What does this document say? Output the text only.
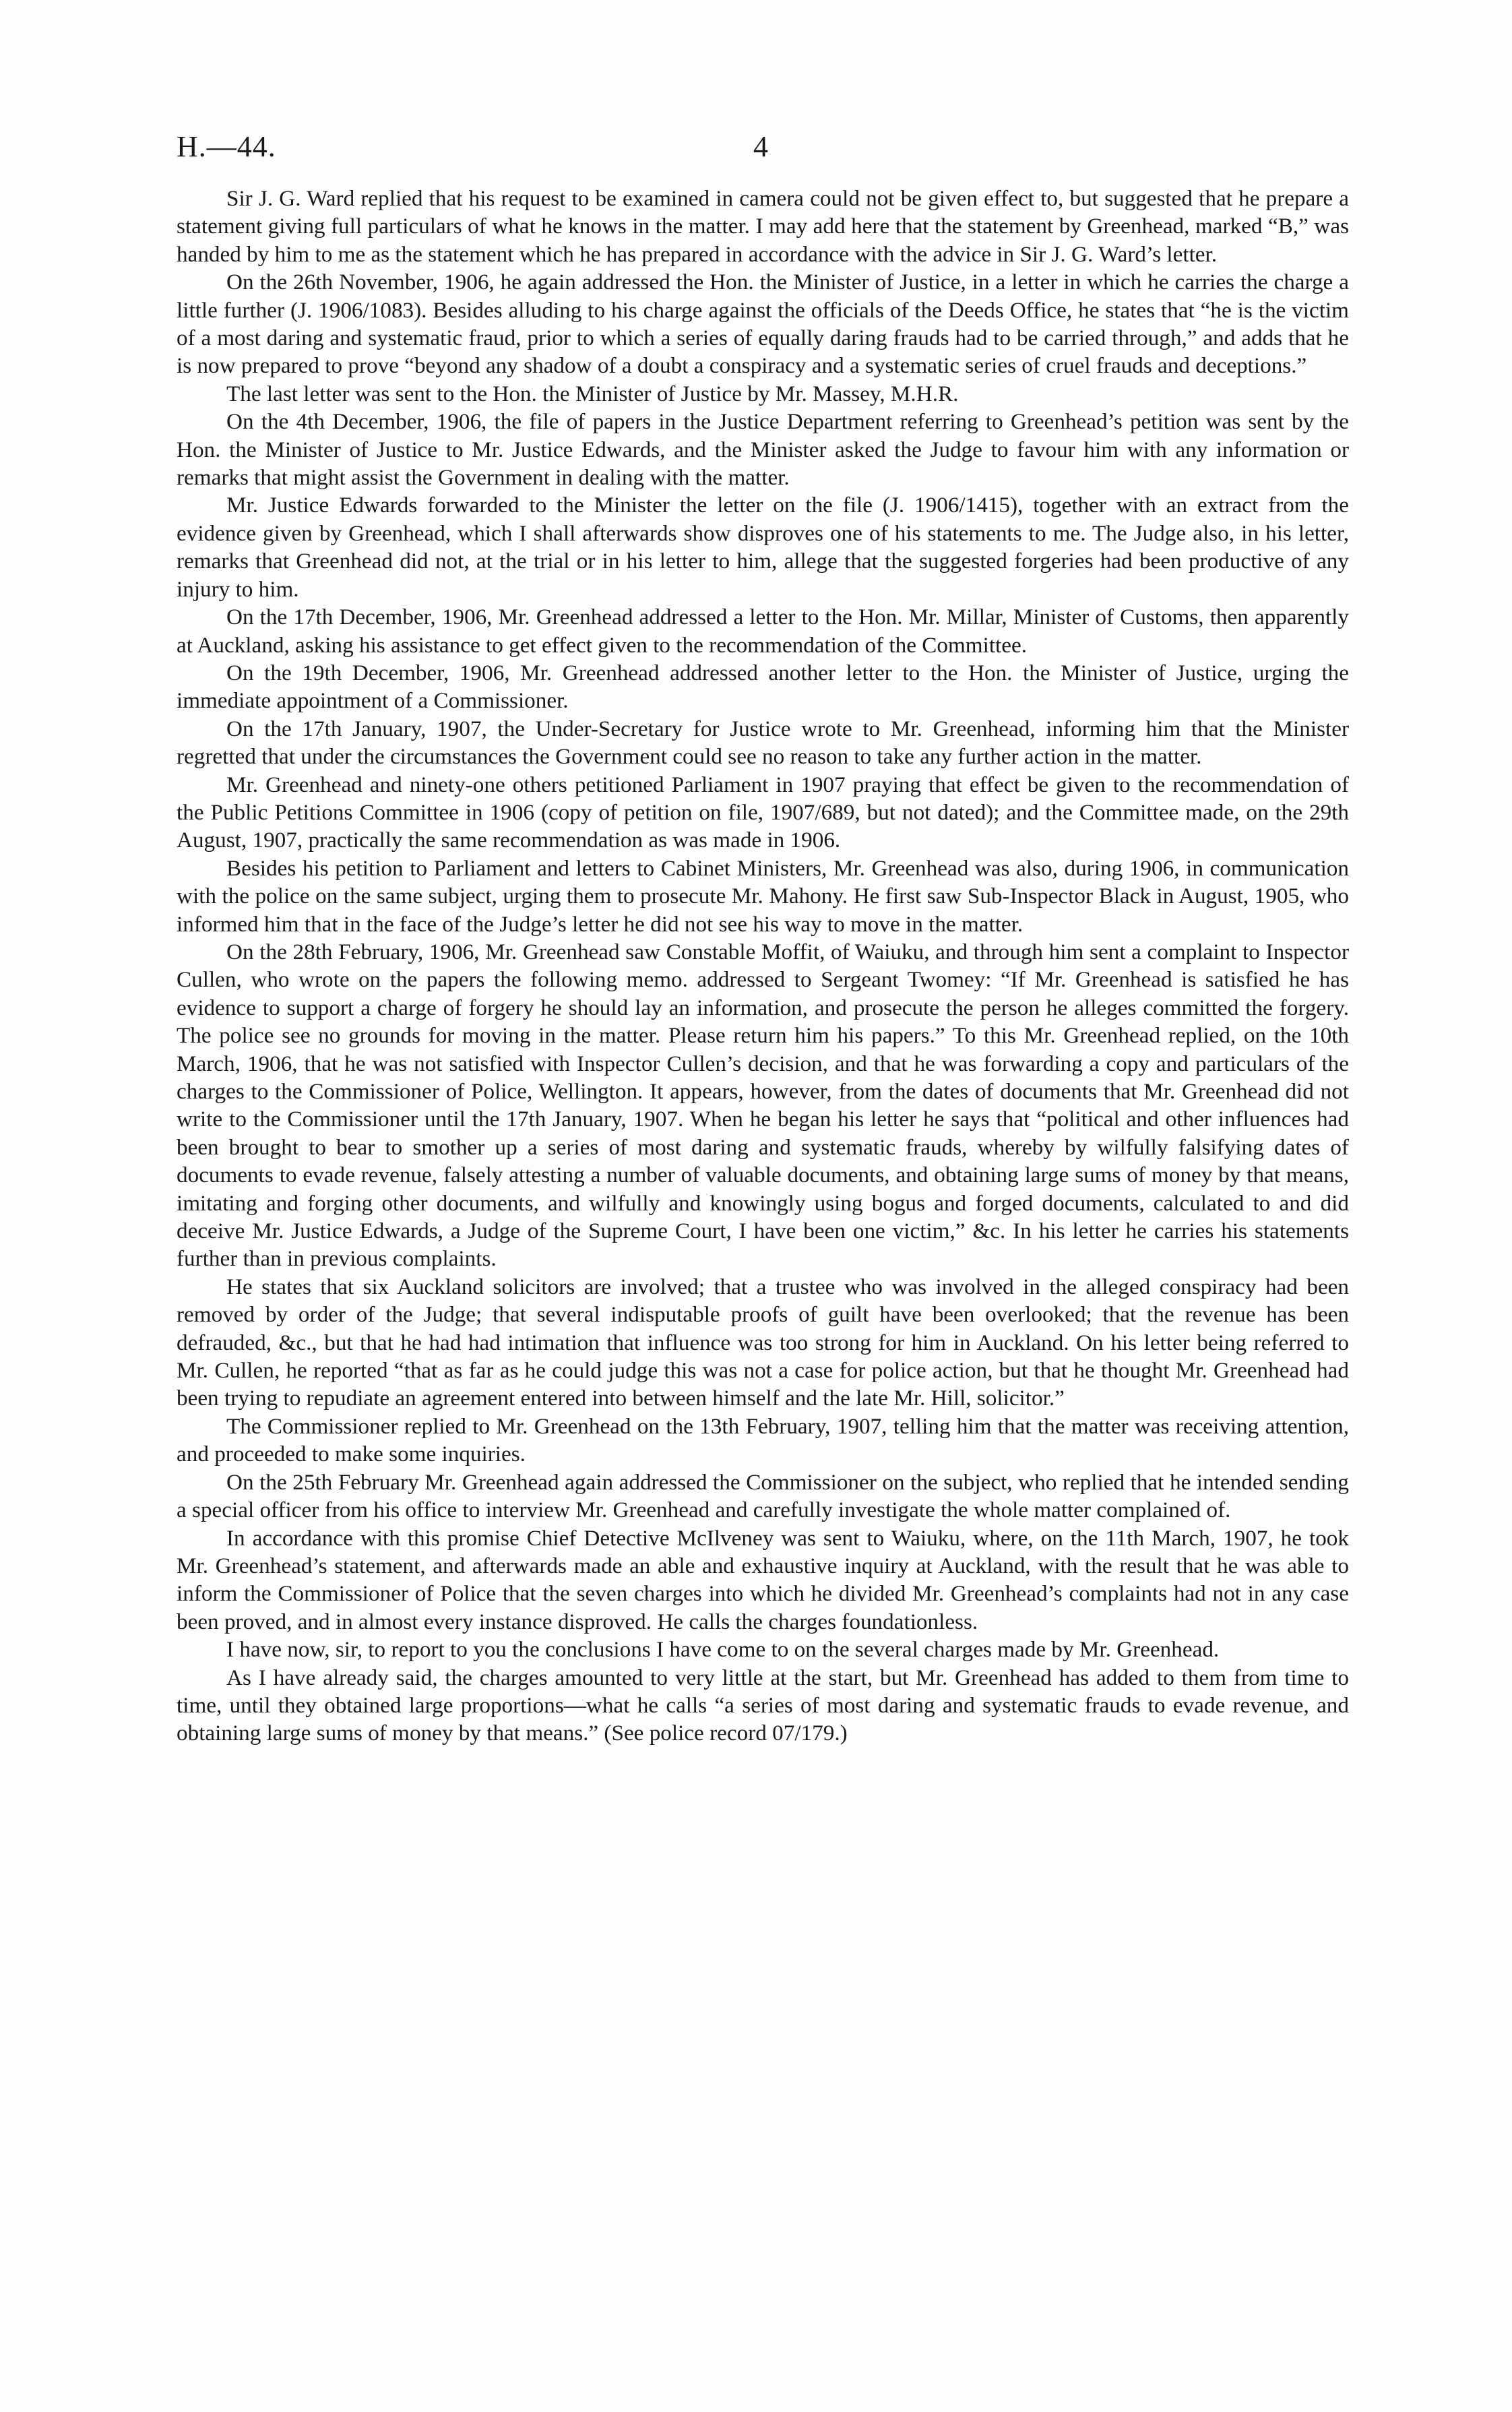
H.—44.	4

Sir J. G. Ward replied that his request to be examined in camera could not be given effect to, but suggested that he prepare a statement giving full particulars of what he knows in the matter. I may add here that the statement by Greenhead, marked “B,” was handed by him to me as the statement which he has prepared in accordance with the advice in Sir J. G. Ward’s letter.

On the 26th November, 1906, he again addressed the Hon. the Minister of Justice, in a letter in which he carries the charge a little further (J. 1906/1083). Besides alluding to his charge against the officials of the Deeds Office, he states that “he is the victim of a most daring and systematic fraud, prior to which a series of equally daring frauds had to be carried through,” and adds that he is now prepared to prove “beyond any shadow of a doubt a conspiracy and a systematic series of cruel frauds and deceptions.”

The last letter was sent to the Hon. the Minister of Justice by Mr. Massey, M.H.R.

On the 4th December, 1906, the file of papers in the Justice Department referring to Greenhead’s petition was sent by the Hon. the Minister of Justice to Mr. Justice Edwards, and the Minister asked the Judge to favour him with any information or remarks that might assist the Government in dealing with the matter.

Mr. Justice Edwards forwarded to the Minister the letter on the file (J. 1906/1415), together with an extract from the evidence given by Greenhead, which I shall afterwards show disproves one of his statements to me. The Judge also, in his letter, remarks that Greenhead did not, at the trial or in his letter to him, allege that the suggested forgeries had been productive of any injury to him.

On the 17th December, 1906, Mr. Greenhead addressed a letter to the Hon. Mr. Millar, Minister of Customs, then apparently at Auckland, asking his assistance to get effect given to the recommendation of the Committee.

On the 19th December, 1906, Mr. Greenhead addressed another letter to the Hon. the Minister of Justice, urging the immediate appointment of a Commissioner.

On the 17th January, 1907, the Under-Secretary for Justice wrote to Mr. Greenhead, informing him that the Minister regretted that under the circumstances the Government could see no reason to take any further action in the matter.

Mr. Greenhead and ninety-one others petitioned Parliament in 1907 praying that effect be given to the recommendation of the Public Petitions Committee in 1906 (copy of petition on file, 1907/689, but not dated); and the Committee made, on the 29th August, 1907, practically the same recommendation as was made in 1906.

Besides his petition to Parliament and letters to Cabinet Ministers, Mr. Greenhead was also, during 1906, in communication with the police on the same subject, urging them to prosecute Mr. Mahony. He first saw Sub-Inspector Black in August, 1905, who informed him that in the face of the Judge’s letter he did not see his way to move in the matter.

On the 28th February, 1906, Mr. Greenhead saw Constable Moffit, of Waiuku, and through him sent a complaint to Inspector Cullen, who wrote on the papers the following memo. addressed to Sergeant Twomey: “If Mr. Greenhead is satisfied he has evidence to support a charge of forgery he should lay an information, and prosecute the person he alleges committed the forgery. The police see no grounds for moving in the matter. Please return him his papers.” To this Mr. Greenhead replied, on the 10th March, 1906, that he was not satisfied with Inspector Cullen’s decision, and that he was forwarding a copy and particulars of the charges to the Commissioner of Police, Wellington. It appears, however, from the dates of documents that Mr. Greenhead did not write to the Commissioner until the 17th January, 1907. When he began his letter he says that “political and other influences had been brought to bear to smother up a series of most daring and systematic frauds, whereby by wilfully falsifying dates of documents to evade revenue, falsely attesting a number of valuable documents, and obtaining large sums of money by that means, imitating and forging other documents, and wilfully and knowingly using bogus and forged documents, calculated to and did deceive Mr. Justice Edwards, a Judge of the Supreme Court, I have been one victim,” &c. In his letter he carries his statements further than in previous complaints.

He states that six Auckland solicitors are involved; that a trustee who was involved in the alleged conspiracy had been removed by order of the Judge; that several indisputable proofs of guilt have been overlooked; that the revenue has been defrauded, &c., but that he had had intimation that influence was too strong for him in Auckland. On his letter being referred to Mr. Cullen, he reported “that as far as he could judge this was not a case for police action, but that he thought Mr. Greenhead had been trying to repudiate an agreement entered into between himself and the late Mr. Hill, solicitor.”

The Commissioner replied to Mr. Greenhead on the 13th February, 1907, telling him that the matter was receiving attention, and proceeded to make some inquiries.

On the 25th February Mr. Greenhead again addressed the Commissioner on the subject, who replied that he intended sending a special officer from his office to interview Mr. Greenhead and carefully investigate the whole matter complained of.

In accordance with this promise Chief Detective McIlveney was sent to Waiuku, where, on the 11th March, 1907, he took Mr. Greenhead’s statement, and afterwards made an able and exhaustive inquiry at Auckland, with the result that he was able to inform the Commissioner of Police that the seven charges into which he divided Mr. Greenhead’s complaints had not in any case been proved, and in almost every instance disproved. He calls the charges foundationless.

I have now, sir, to report to you the conclusions I have come to on the several charges made by Mr. Greenhead.

As I have already said, the charges amounted to very little at the start, but Mr. Greenhead has added to them from time to time, until they obtained large proportions—what he calls “a series of most daring and systematic frauds to evade revenue, and obtaining large sums of money by that means.” (See police record 07/179.)
